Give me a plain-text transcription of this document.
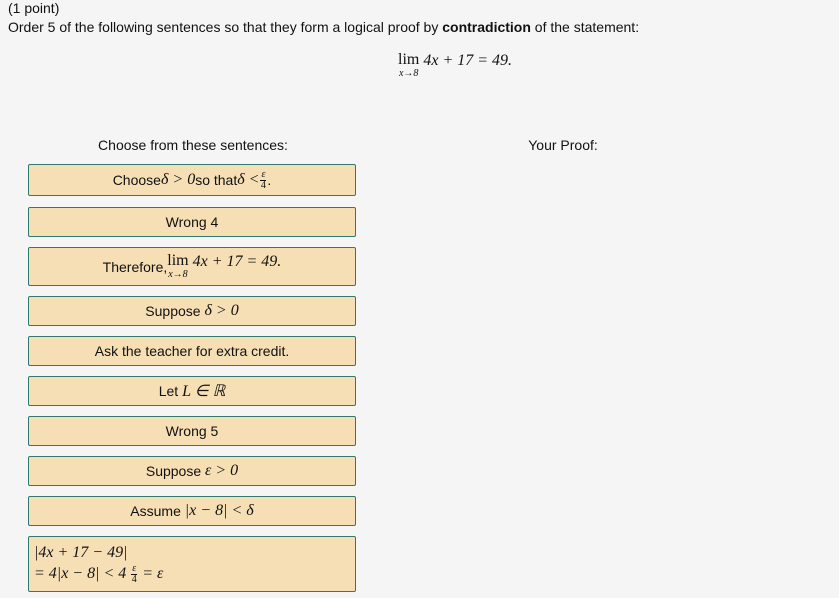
(1 point)
Order 5 of the following sentences so that they form a logical proof by contradiction of the statement:
lim
x→8
4x + 17 = 49.
Choose from these sentences:	Your Proof:
Choose δ > 0 so that $\delta < \frac{\varepsilon}{4}$ .
Wrong 4
Therefore, lim
x→8
4x + 17 = 49.
Suppose
δ > 0
Ask the teacher for extra credit.
Let
L ∈ ℝ
Wrong 5
Suppose
ε > 0
Assume
|x − 8| < δ
|4x + 17 − 49|
= $4|x - 8| < 4 \frac{\varepsilon}{4} = \varepsilon$
